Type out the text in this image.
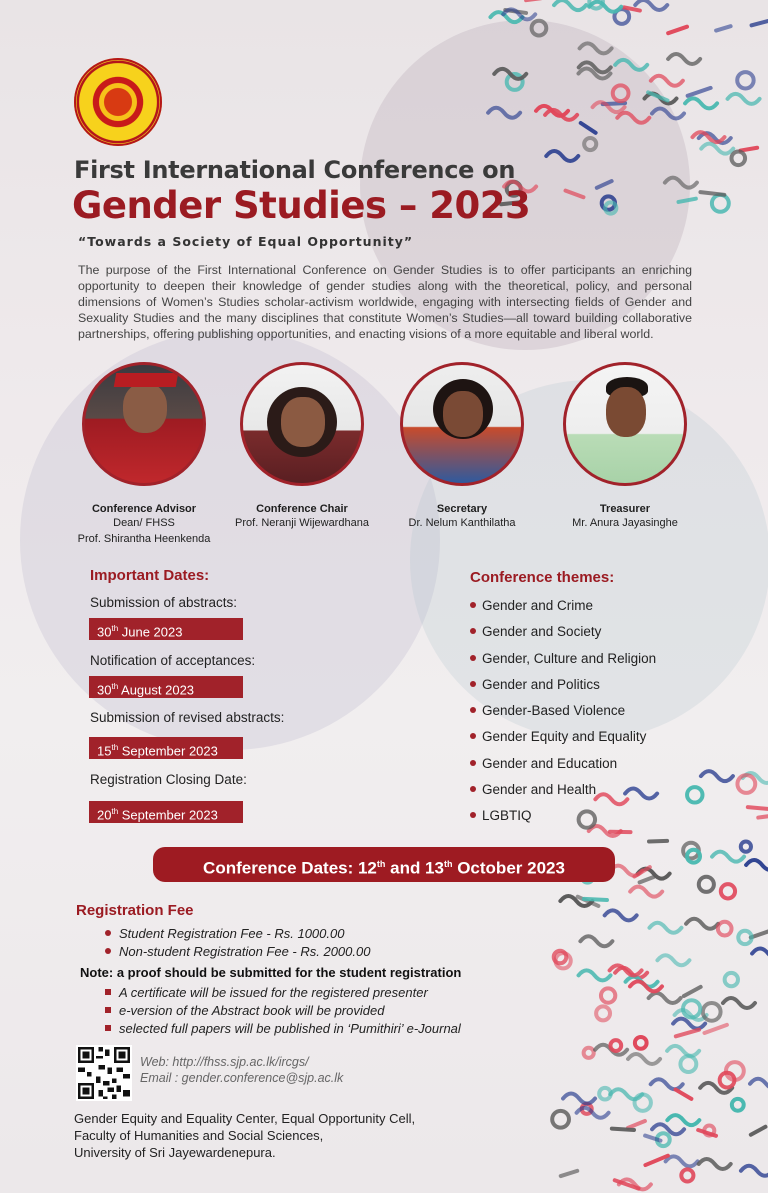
First International Conference on
Gender Studies – 2023
“Towards a Society of Equal Opportunity”
The purpose of the First International Conference on Gender Studies is to offer participants an enriching opportunity to deepen their knowledge of gender studies along with the theoretical, policy, and personal dimensions of Women’s Studies scholar-activism worldwide, engaging with intersecting fields of Gender and Sexuality Studies and the many disciplines that constitute Women’s Studies—all toward building collaborative partnerships, offering publishing opportunities, and enacting visions of a more equitable and liberal world.
Conference Advisor
Dean/ FHSS
Prof. Shirantha Heenkenda
Conference Chair
Prof. Neranji Wijewardhana
Secretary
Dr. Nelum Kanthilatha
Treasurer
Mr. Anura Jayasinghe
Important Dates:
Submission of abstracts:
30th June 2023
Notification of acceptances:
30th August 2023
Submission of revised abstracts:
15th September 2023
Registration Closing Date:
20th September 2023
Conference themes:
Gender and Crime
Gender and Society
Gender, Culture and Religion
Gender and Politics
Gender-Based Violence
Gender Equity and Equality
Gender and Education
Gender and Health
LGBTIQ
Conference Dates: 12th and 13th October 2023
Registration Fee
Student Registration Fee - Rs. 1000.00
Non-student Registration Fee - Rs. 2000.00
Note: a proof should be submitted for the student registration
A certificate will be issued for the registered presenter
e-version of the Abstract book will be provided
selected full papers will be published in ‘Pumithiri’ e-Journal
Web: http://fhss.sjp.ac.lk/ircgs/
Email : gender.conference@sjp.ac.lk
Gender Equity and Equality Center, Equal Opportunity Cell,
Faculty of Humanities and Social Sciences,
University of Sri Jayewardenepura.
